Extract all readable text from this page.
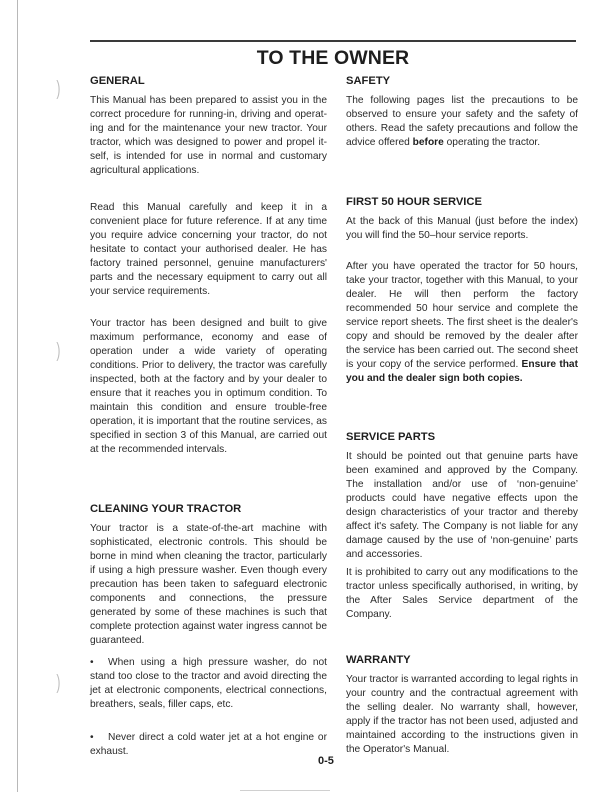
)
)
)
TO THE OWNER
GENERAL
This Manual has been prepared to assist you in the correct procedure for running-in, driving and operating and for the maintenance your new tractor. Your tractor, which was designed to power and propel itself, is intended for use in normal and customary agricultural applications.
Read this Manual carefully and keep it in a convenient place for future reference. If at any time you require advice concerning your tractor, do not hesitate to contact your authorised dealer. He has factory trained personnel, genuine manufacturers' parts and the necessary equipment to carry out all your service requirements.
Your tractor has been designed and built to give maximum performance, economy and ease of operation under a wide variety of operating conditions. Prior to delivery, the tractor was carefully inspected, both at the factory and by your dealer to ensure that it reaches you in optimum condition. To maintain this condition and ensure trouble-free operation, it is important that the routine services, as specified in section 3 of this Manual, are carried out at the recommended intervals.
CLEANING YOUR TRACTOR
Your tractor is a state-of-the-art machine with sophisticated, electronic controls. This should be borne in mind when cleaning the tractor, particularly if using a high pressure washer. Even though every precaution has been taken to safeguard electronic components and connections, the pressure generated by some of these machines is such that complete protection against water ingress cannot be guaranteed.
• When using a high pressure washer, do not stand too close to the tractor and avoid directing the jet at electronic components, electrical connections, breathers, seals, filler caps, etc.
• Never direct a cold water jet at a hot engine or exhaust.
SAFETY
The following pages list the precautions to be observed to ensure your safety and the safety of others. Read the safety precautions and follow the advice offered before operating the tractor.
FIRST 50 HOUR SERVICE
At the back of this Manual (just before the index) you will find the 50–hour service reports.
After you have operated the tractor for 50 hours, take your tractor, together with this Manual, to your dealer. He will then perform the factory recommended 50 hour service and complete the service report sheets. The first sheet is the dealer's copy and should be removed by the dealer after the service has been carried out. The second sheet is your copy of the service performed. Ensure that you and the dealer sign both copies.
SERVICE PARTS
It should be pointed out that genuine parts have been examined and approved by the Company. The installation and/or use of ‘non-genuine’ products could have negative effects upon the design characteristics of your tractor and thereby affect it's safety. The Company is not liable for any damage caused by the use of ‘non-genuine’ parts and accessories.
It is prohibited to carry out any modifications to the tractor unless specifically authorised, in writing, by the After Sales Service department of the Company.
WARRANTY
Your tractor is warranted according to legal rights in your country and the contractual agreement with the selling dealer. No warranty shall, however, apply if the tractor has not been used, adjusted and maintained according to the instructions given in the Operator's Manual.
0-5
